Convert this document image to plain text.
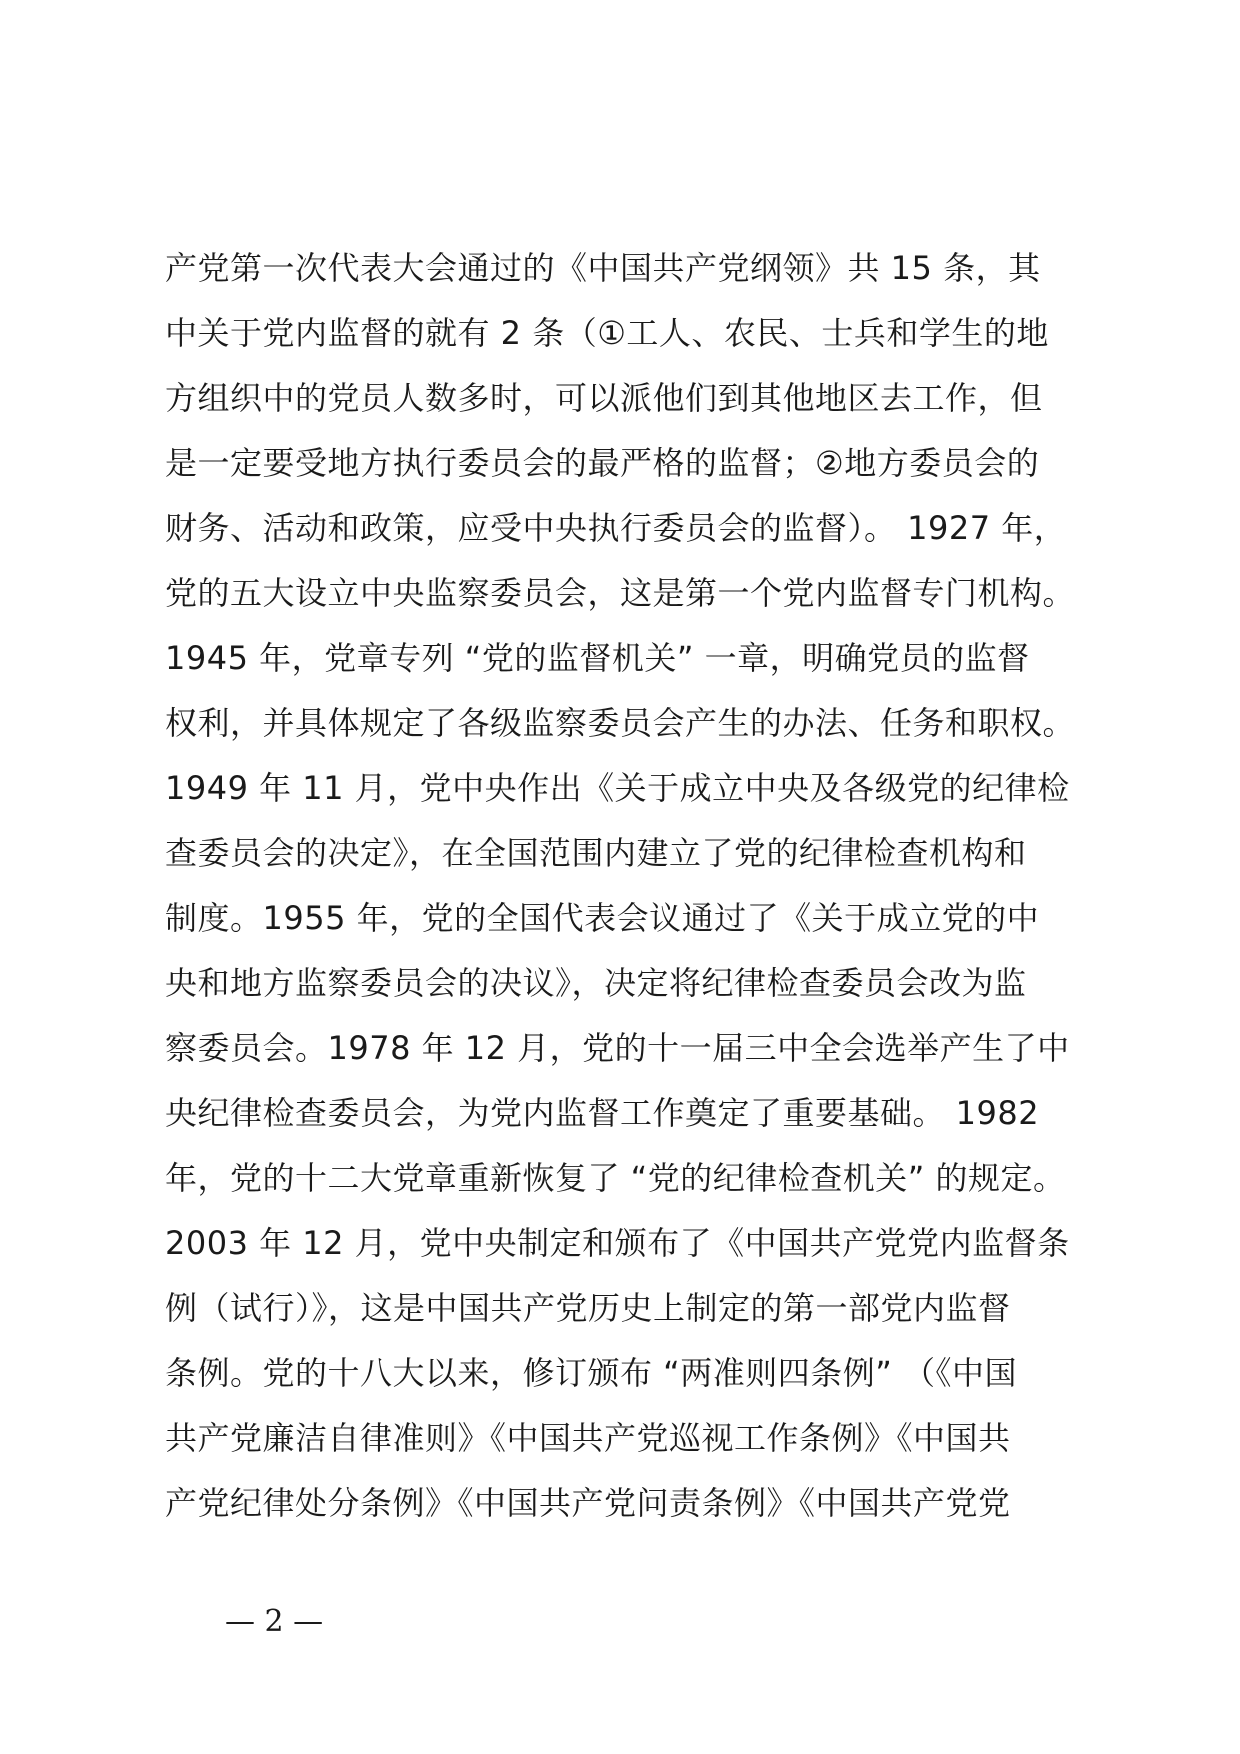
产党第一次代表大会通过的《中国共产党纲领》共 15 条，其
中关于党内监督的就有 2 条（①工人、农民、士兵和学生的地
方组织中的党员人数多时，可以派他们到其他地区去工作，但
是一定要受地方执行委员会的最严格的监督；②地方委员会的
财务、活动和政策，应受中央执行委员会的监督）。 1927 年，
党的五大设立中央监察委员会，这是第一个党内监督专门机构。
1945 年，党章专列 “党的监督机关” 一章，明确党员的监督
权利，并具体规定了各级监察委员会产生的办法、任务和职权。
1949 年 11 月，党中央作出《关于成立中央及各级党的纪律检
查委员会的决定》，在全国范围内建立了党的纪律检查机构和
制度。1955 年，党的全国代表会议通过了《关于成立党的中
央和地方监察委员会的决议》，决定将纪律检查委员会改为监
察委员会。1978 年 12 月，党的十一届三中全会选举产生了中
央纪律检查委员会，为党内监督工作奠定了重要基础。 1982
年，党的十二大党章重新恢复了 “党的纪律检查机关” 的规定。
2003 年 12 月，党中央制定和颁布了《中国共产党党内监督条
例（试行）》，这是中国共产党历史上制定的第一部党内监督
条例。党的十八大以来，修订颁布 “两准则四条例” （《中国
共产党廉洁自律准则》《中国共产党巡视工作条例》《中国共
产党纪律处分条例》《中国共产党问责条例》《中国共产党党
— 2 —
